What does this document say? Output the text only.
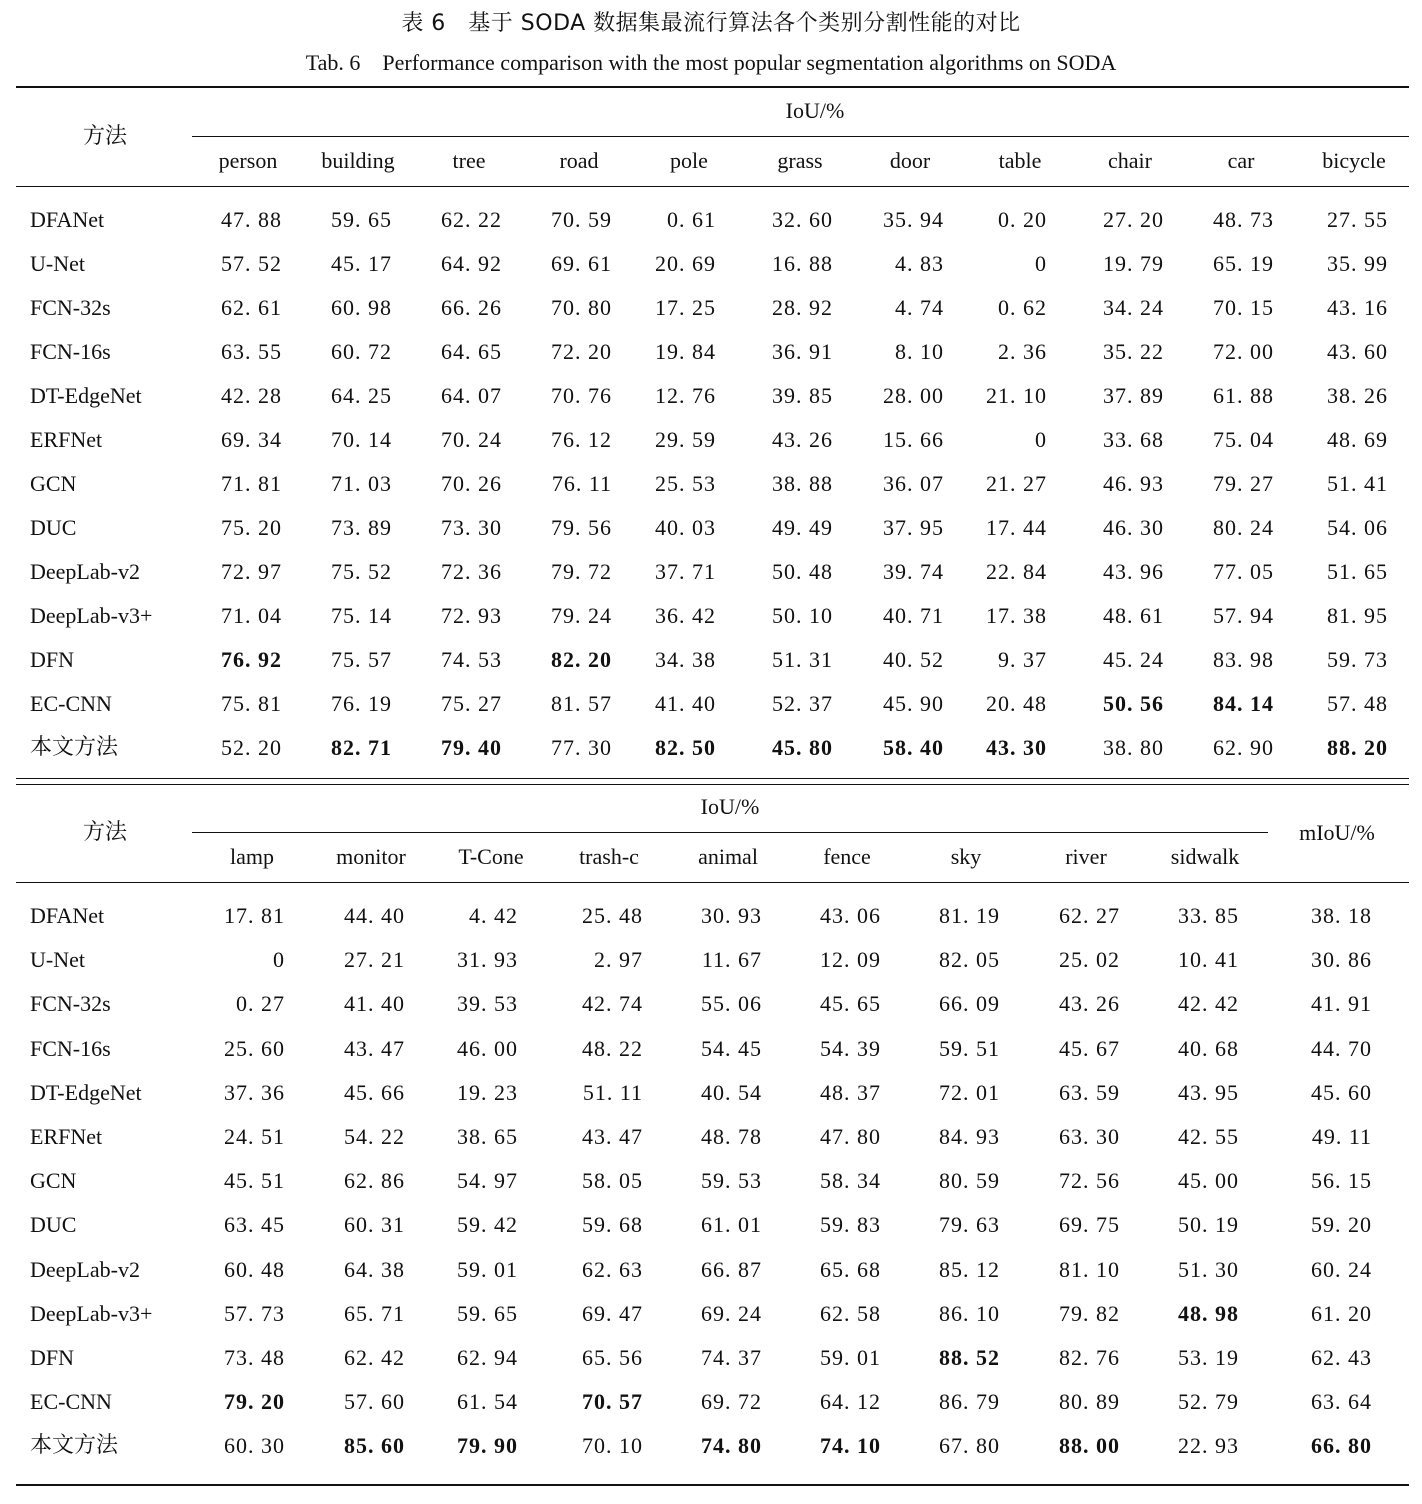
表 6　基于 SODA 数据集最流行算法各个类别分割性能的对比
Tab. 6　Performance comparison with the most popular segmentation algorithms on SODA
方法
IoU/%
person	building	tree	road	pole	grass	door	table	chair	car	bicycle
DFANet	47. 88	59. 65	62. 22	70. 59	0. 61	32. 60	35. 94	0. 20	27. 20	48. 73	27. 55
U-Net	57. 52	45. 17	64. 92	69. 61	20. 69	16. 88	4. 83	0	19. 79	65. 19	35. 99
FCN-32s	62. 61	60. 98	66. 26	70. 80	17. 25	28. 92	4. 74	0. 62	34. 24	70. 15	43. 16
FCN-16s	63. 55	60. 72	64. 65	72. 20	19. 84	36. 91	8. 10	2. 36	35. 22	72. 00	43. 60
DT-EdgeNet	42. 28	64. 25	64. 07	70. 76	12. 76	39. 85	28. 00	21. 10	37. 89	61. 88	38. 26
ERFNet	69. 34	70. 14	70. 24	76. 12	29. 59	43. 26	15. 66	0	33. 68	75. 04	48. 69
GCN	71. 81	71. 03	70. 26	76. 11	25. 53	38. 88	36. 07	21. 27	46. 93	79. 27	51. 41
DUC	75. 20	73. 89	73. 30	79. 56	40. 03	49. 49	37. 95	17. 44	46. 30	80. 24	54. 06
DeepLab-v2	72. 97	75. 52	72. 36	79. 72	37. 71	50. 48	39. 74	22. 84	43. 96	77. 05	51. 65
DeepLab-v3+	71. 04	75. 14	72. 93	79. 24	36. 42	50. 10	40. 71	17. 38	48. 61	57. 94	81. 95
DFN	76. 92	75. 57	74. 53	82. 20	34. 38	51. 31	40. 52	9. 37	45. 24	83. 98	59. 73
EC-CNN	75. 81	76. 19	75. 27	81. 57	41. 40	52. 37	45. 90	20. 48	50. 56	84. 14	57. 48
本文方法	52. 20	82. 71	79. 40	77. 30	82. 50	45. 80	58. 40	43. 30	38. 80	62. 90	88. 20
方法
IoU/%
mIoU/%
lamp	monitor	T-Cone	trash-c	animal	fence	sky	river	sidwalk
DFANet	17. 81	44. 40	4. 42	25. 48	30. 93	43. 06	81. 19	62. 27	33. 85	38. 18
U-Net	0	27. 21	31. 93	2. 97	11. 67	12. 09	82. 05	25. 02	10. 41	30. 86
FCN-32s	0. 27	41. 40	39. 53	42. 74	55. 06	45. 65	66. 09	43. 26	42. 42	41. 91
FCN-16s	25. 60	43. 47	46. 00	48. 22	54. 45	54. 39	59. 51	45. 67	40. 68	44. 70
DT-EdgeNet	37. 36	45. 66	19. 23	51. 11	40. 54	48. 37	72. 01	63. 59	43. 95	45. 60
ERFNet	24. 51	54. 22	38. 65	43. 47	48. 78	47. 80	84. 93	63. 30	42. 55	49. 11
GCN	45. 51	62. 86	54. 97	58. 05	59. 53	58. 34	80. 59	72. 56	45. 00	56. 15
DUC	63. 45	60. 31	59. 42	59. 68	61. 01	59. 83	79. 63	69. 75	50. 19	59. 20
DeepLab-v2	60. 48	64. 38	59. 01	62. 63	66. 87	65. 68	85. 12	81. 10	51. 30	60. 24
DeepLab-v3+	57. 73	65. 71	59. 65	69. 47	69. 24	62. 58	86. 10	79. 82	48. 98	61. 20
DFN	73. 48	62. 42	62. 94	65. 56	74. 37	59. 01	88. 52	82. 76	53. 19	62. 43
EC-CNN	79. 20	57. 60	61. 54	70. 57	69. 72	64. 12	86. 79	80. 89	52. 79	63. 64
本文方法	60. 30	85. 60	79. 90	70. 10	74. 80	74. 10	67. 80	88. 00	22. 93	66. 80
